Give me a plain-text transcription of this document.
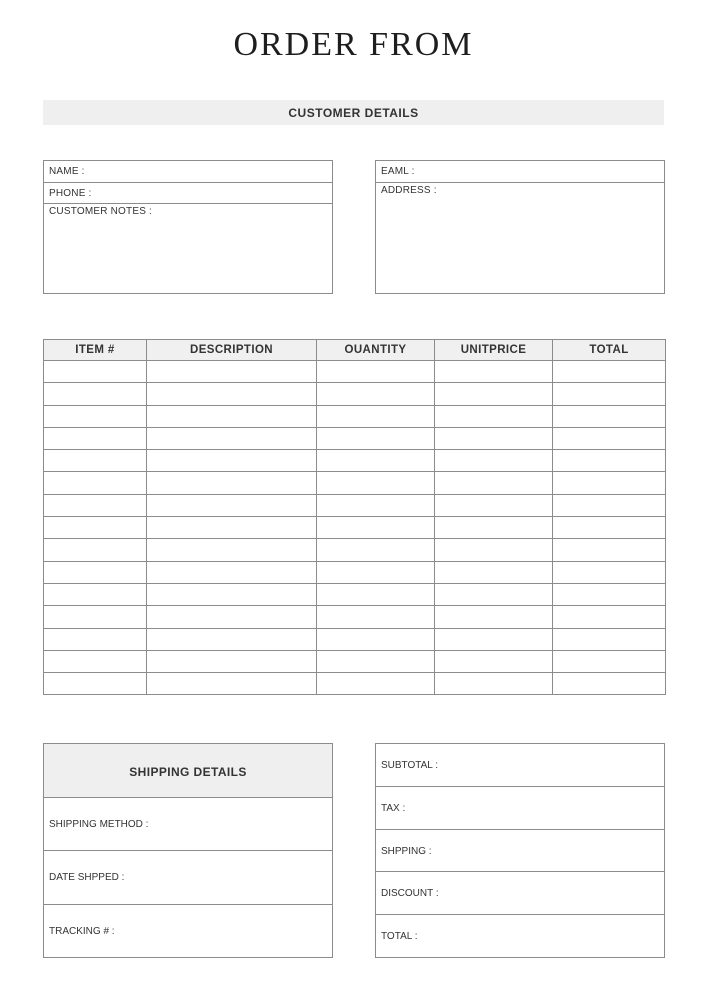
ORDER FROM
CUSTOMER DETAILS
NAME :
PHONE :
CUSTOMER NOTES :
EAML :
ADDRESS :
ITEM #	DESCRIPTION	OUANTITY	UNITPRICE	TOTAL

SHIPPING DETAILS
SHIPPING METHOD :
DATE SHPPED :
TRACKING # :
SUBTOTAL :
TAX :
SHPPING :
DISCOUNT :
TOTAL :
